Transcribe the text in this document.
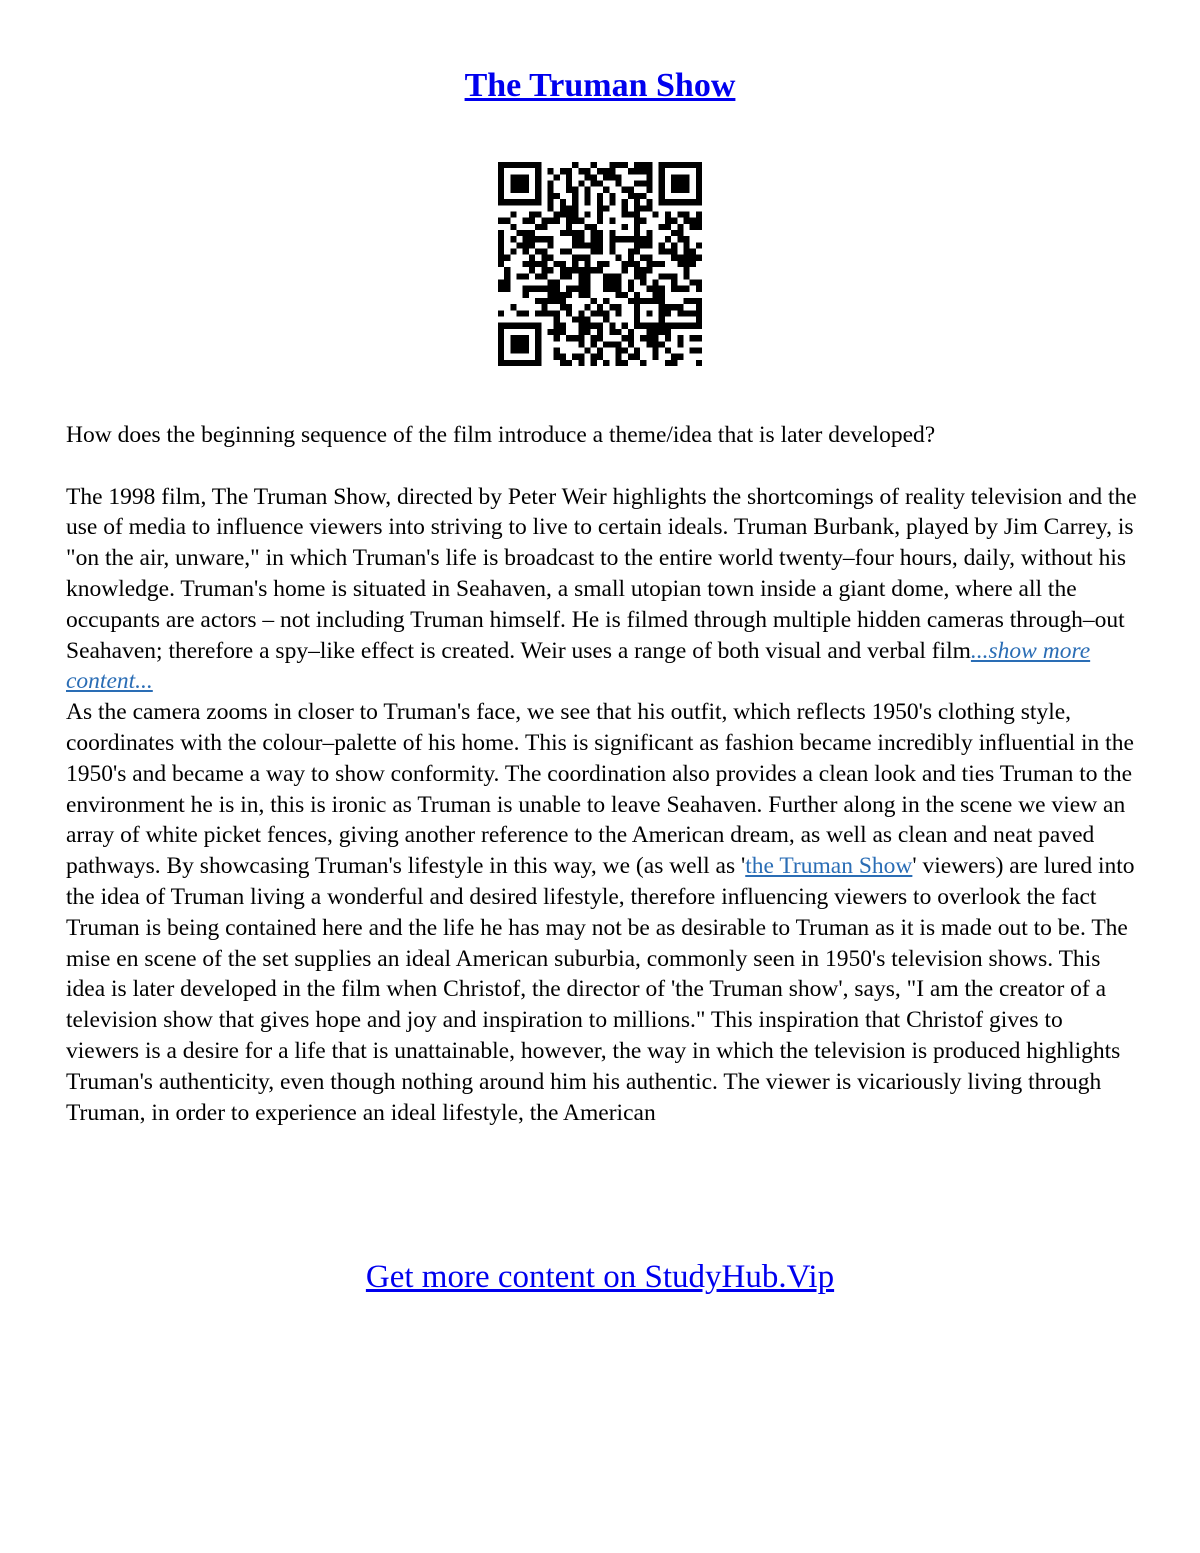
The Truman Show

How does the beginning sequence of the film introduce a theme/idea that is later developed?

The 1998 film, The Truman Show, directed by Peter Weir highlights the shortcomings of reality television and the use of media to influence viewers into striving to live to certain ideals. Truman Burbank, played by Jim Carrey, is "on the air, unware," in which Truman's life is broadcast to the entire world twenty–four hours, daily, without his knowledge. Truman's home is situated in Seahaven, a small utopian town inside a giant dome, where all the occupants are actors – not including Truman himself. He is filmed through multiple hidden cameras through–out Seahaven; therefore a spy–like effect is created. Weir uses a range of both visual and verbal film...show more content...

As the camera zooms in closer to Truman's face, we see that his outfit, which reflects 1950's clothing style, coordinates with the colour–palette of his home. This is significant as fashion became incredibly influential in the 1950's and became a way to show conformity. The coordination also provides a clean look and ties Truman to the environment he is in, this is ironic as Truman is unable to leave Seahaven. Further along in the scene we view an array of white picket fences, giving another reference to the American dream, as well as clean and neat paved pathways. By showcasing Truman's lifestyle in this way, we (as well as 'the Truman Show' viewers) are lured into the idea of Truman living a wonderful and desired lifestyle, therefore influencing viewers to overlook the fact Truman is being contained here and the life he has may not be as desirable to Truman as it is made out to be. The mise en scene of the set supplies an ideal American suburbia, commonly seen in 1950's television shows. This idea is later developed in the film when Christof, the director of 'the Truman show', says, "I am the creator of a television show that gives hope and joy and inspiration to millions." This inspiration that Christof gives to viewers is a desire for a life that is unattainable, however, the way in which the television is produced highlights Truman's authenticity, even though nothing around him his authentic. The viewer is vicariously living through Truman, in order to experience an ideal lifestyle, the American

Get more content on StudyHub.Vip
